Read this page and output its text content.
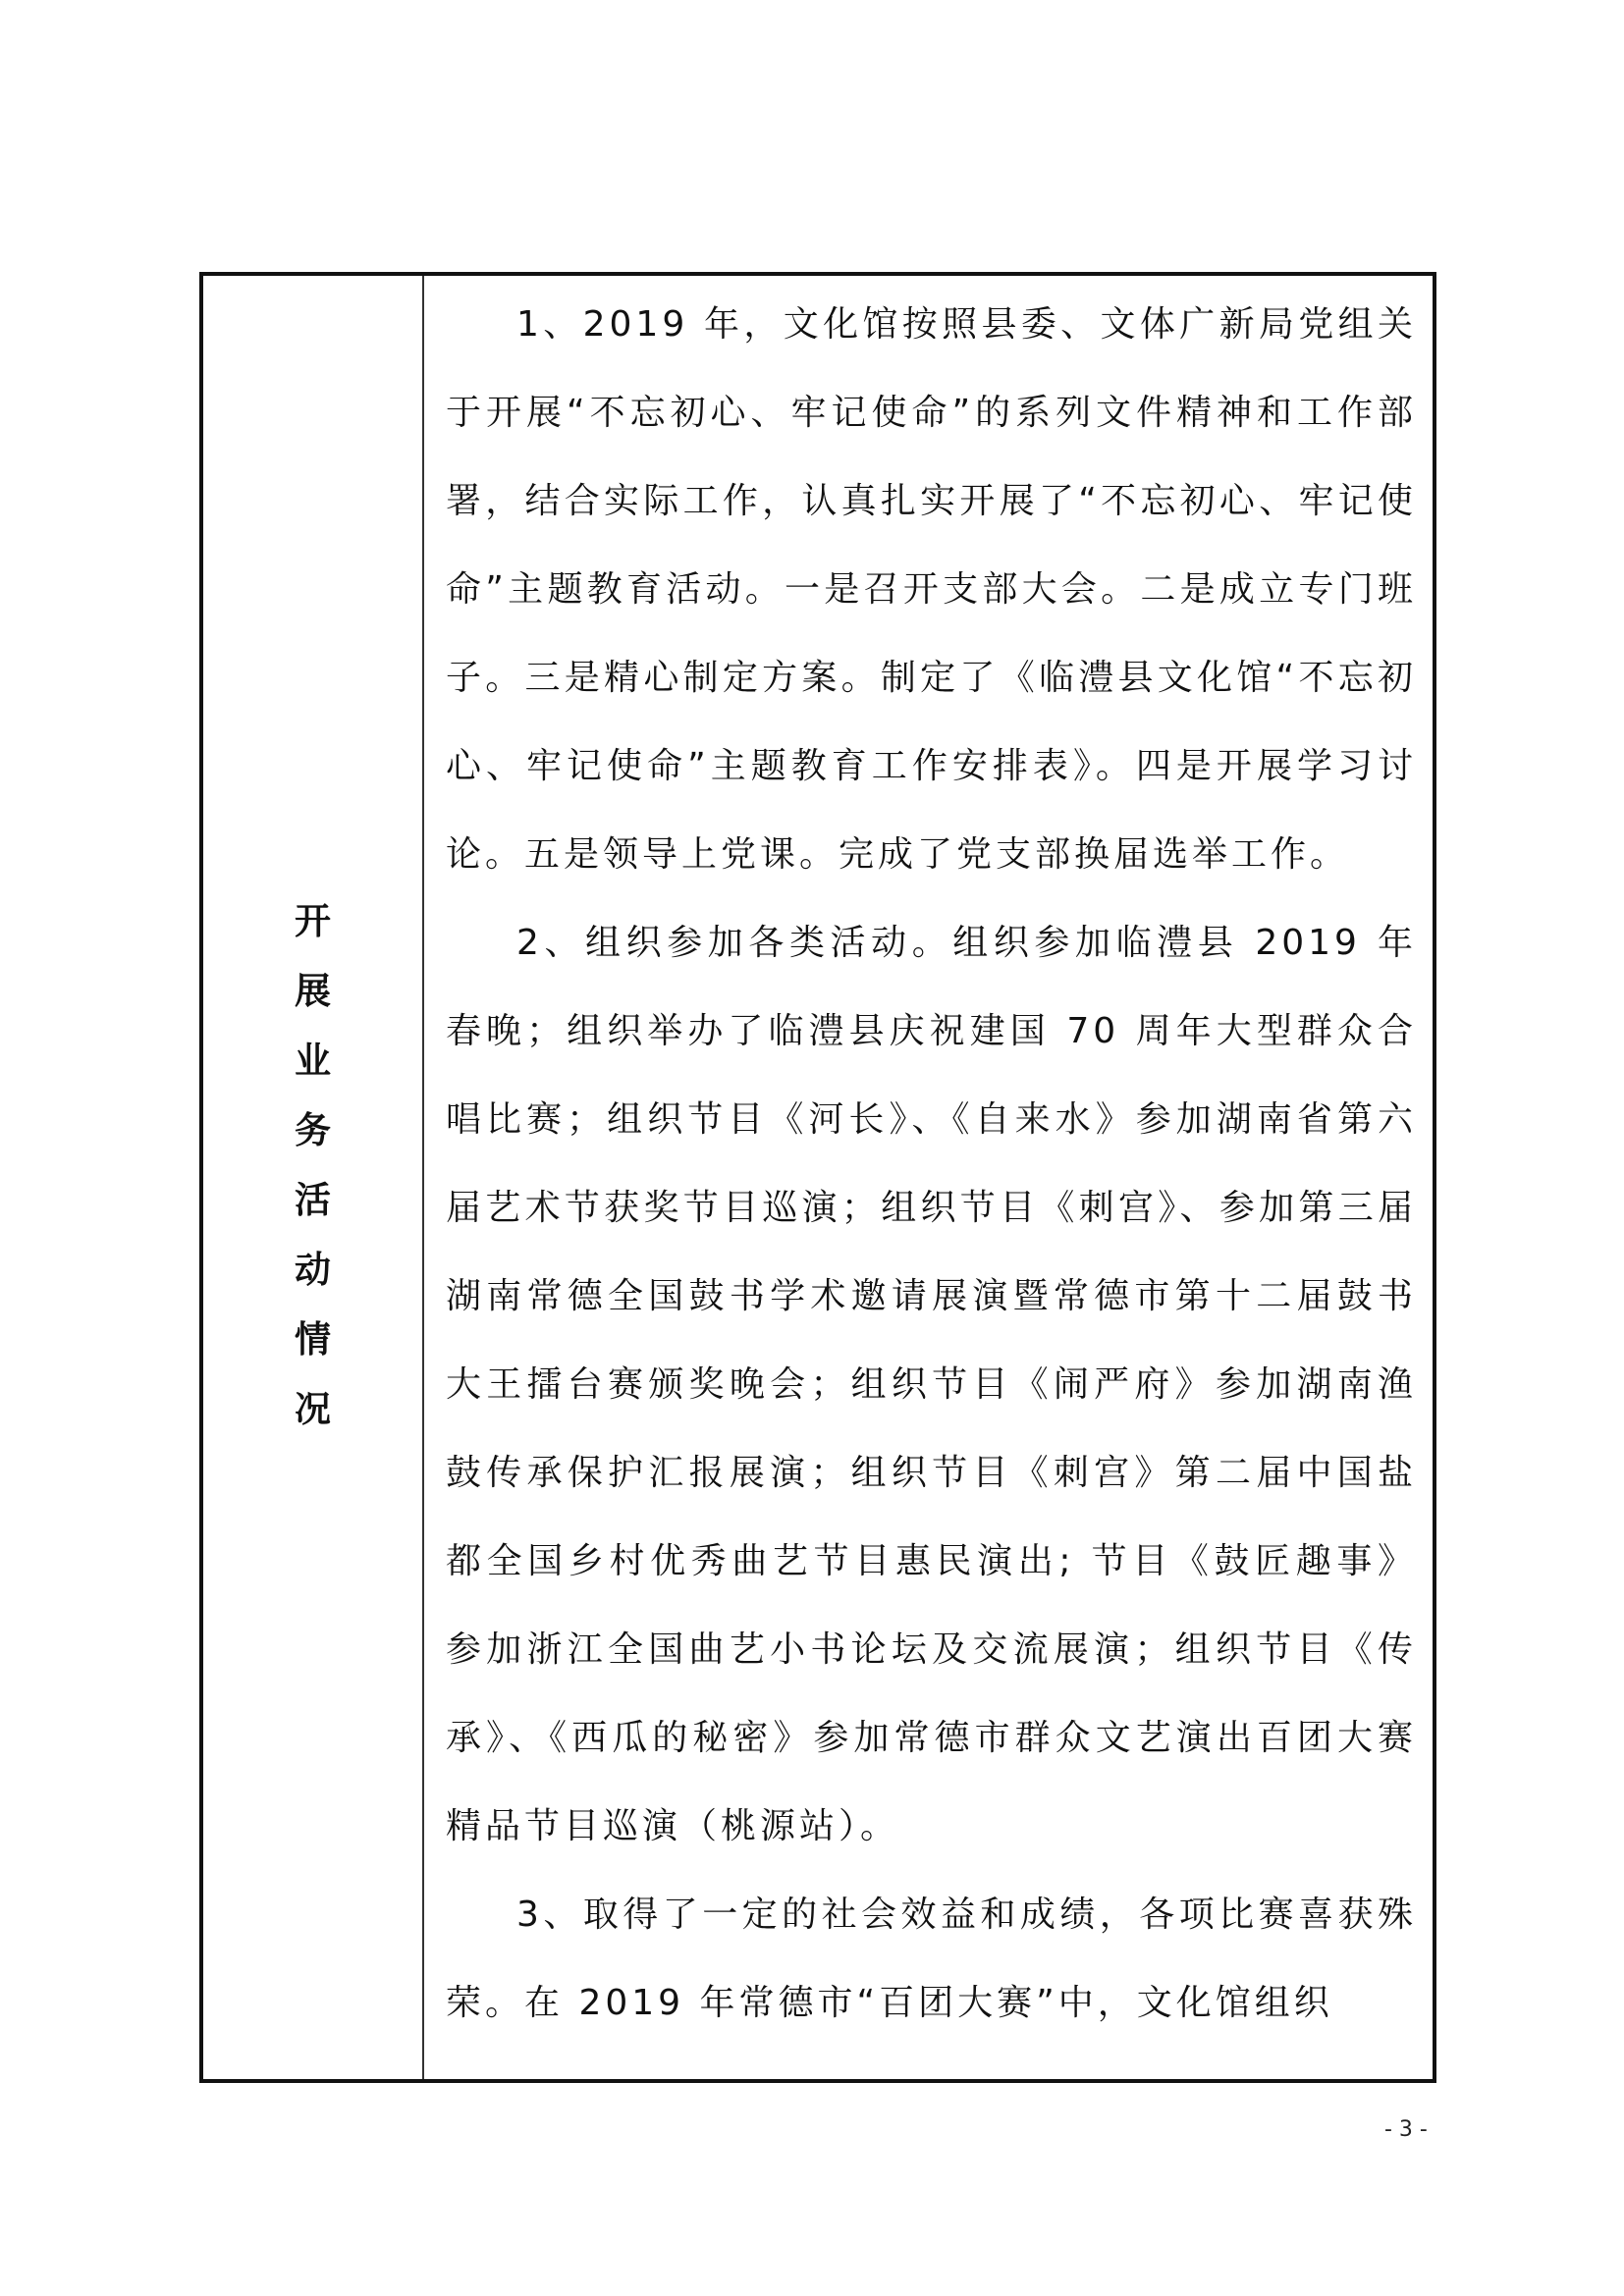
开
展
业
务
活
动
情
况

1、2019 年，文化馆按照县委、文体广新局党组关于开展“不忘初心、牢记使命”的系列文件精神和工作部署，结合实际工作，认真扎实开展了“不忘初心、牢记使命”主题教育活动。一是召开支部大会。二是成立专门班子。三是精心制定方案。制定了《临澧县文化馆“不忘初心、牢记使命”主题教育工作安排表》。四是开展学习讨论。五是领导上党课。完成了党支部换届选举工作。

2、组织参加各类活动。组织参加临澧县 2019 年春晚；组织举办了临澧县庆祝建国 70 周年大型群众合唱比赛；组织节目《河长》、《自来水》参加湖南省第六届艺术节获奖节目巡演；组织节目《刺宫》、参加第三届湖南常德全国鼓书学术邀请展演暨常德市第十二届鼓书大王擂台赛颁奖晚会；组织节目《闹严府》参加湖南渔鼓传承保护汇报展演；组织节目《刺宫》第二届中国盐都全国乡村优秀曲艺节目惠民演出; 节目《鼓匠趣事》参加浙江全国曲艺小书论坛及交流展演；组织节目《传承》、《西瓜的秘密》参加常德市群众文艺演出百团大赛精品节目巡演（桃源站）。

3、取得了一定的社会效益和成绩，各项比赛喜获殊荣。在 2019 年常德市“百团大赛”中，文化馆组织

- 3 -
